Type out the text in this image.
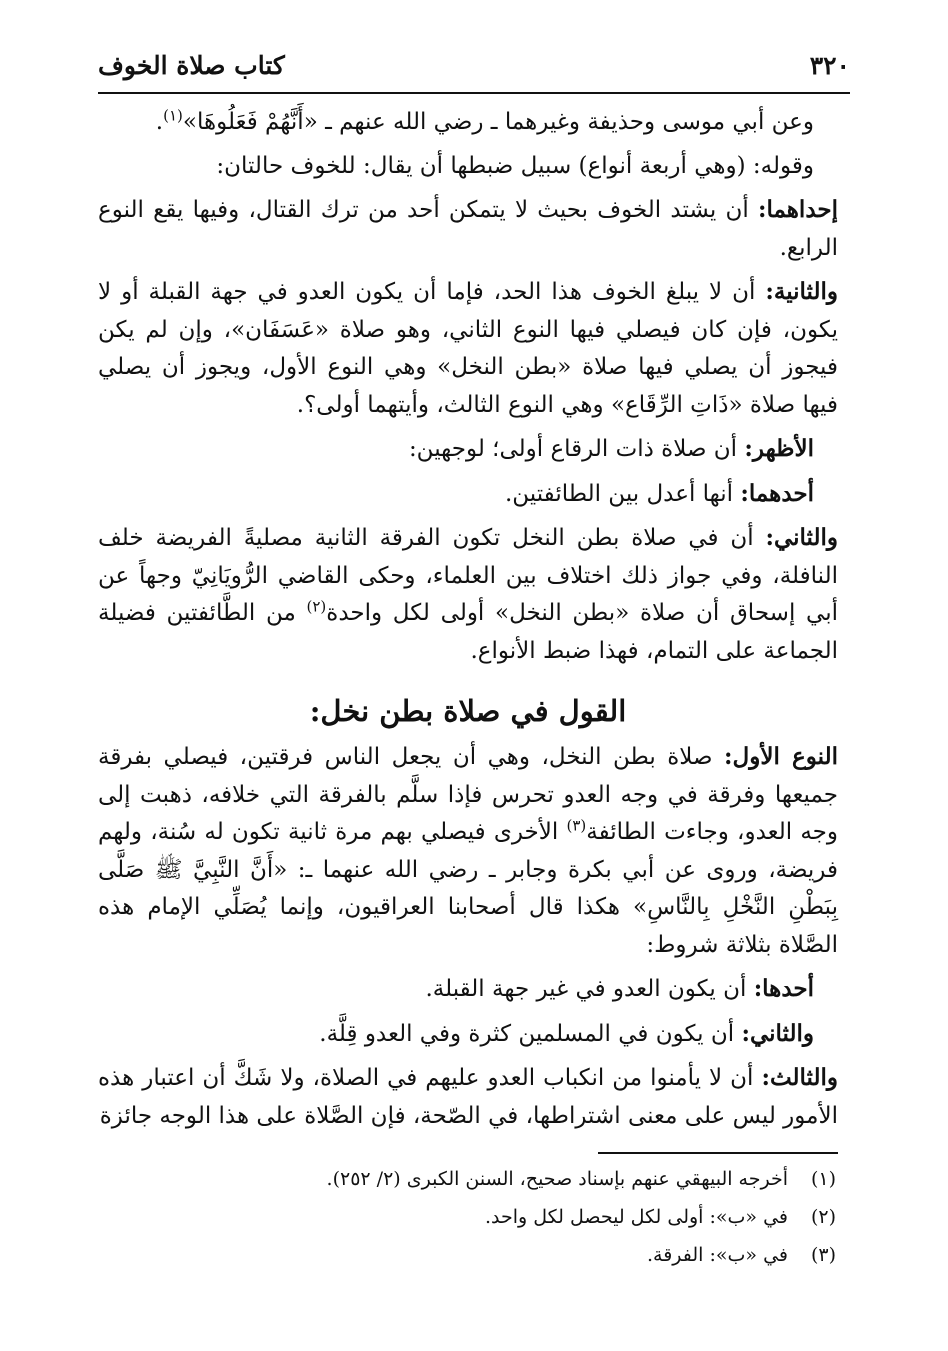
٣٢٠
كتاب صلاة الخوف

وعن أبي موسى وحذيفة وغيرهما ـ رضي الله عنهم ـ «أَنَّهُمْ فَعَلُوهَا»$^{(١)}$.

وقوله: (وهي أربعة أنواع) سبيل ضبطها أن يقال: للخوف حالتان:

إحداهما: أن يشتد الخوف بحيث لا يتمكن أحد من ترك القتال، وفيها يقع النوع الرابع.

والثانية: أن لا يبلغ الخوف هذا الحد، فإما أن يكون العدو في جهة القبلة أو لا يكون، فإن كان فيصلي فيها النوع الثاني، وهو صلاة «عَسَفَان»، وإن لم يكن فيجوز أن يصلي فيها صلاة «بطن النخل» وهي النوع الأول، ويجوز أن يصلي فيها صلاة «ذَاتِ الرِّقَاع» وهي النوع الثالث، وأيتهما أولى؟.

الأظهر: أن صلاة ذات الرقاع أولى؛ لوجهين:

أحدهما: أنها أعدل بين الطائفتين.

والثاني: أن في صلاة بطن النخل تكون الفرقة الثانية مصليةً الفريضة خلف النافلة، وفي جواز ذلك اختلاف بين العلماء، وحكى القاضي الرُّويَانِيّ وجهاً عن أبي إسحاق أن صلاة «بطن النخل» أولى لكل واحدة$^{(٢)}$ من الطَّائفتين فضيلة الجماعة على التمام، فهذا ضبط الأنواع.

القول في صلاة بطن نخل:

النوع الأول: صلاة بطن النخل، وهي أن يجعل الناس فرقتين، فيصلي بفرقة جميعها وفرقة في وجه العدو تحرس فإذا سلَّم بالفرقة التي خلافه، ذهبت إلى وجه العدو، وجاءت الطائفة$^{(٣)}$ الأخرى فيصلي بهم مرة ثانية تكون له سُنة، ولهم فريضة، وروى عن أبي بكرة وجابر ـ رضي الله عنهما ـ: «أَنَّ النَّبِيَّ ﷺ صَلَّى بِبَطْنِ النَّخْلِ بِالنَّاسِ» هكذا قال أصحابنا العراقيون، وإنما يُصَلِّي الإمام هذه الصَّلاة بثلاثة شروط:

أحدها: أن يكون العدو في غير جهة القبلة.

والثاني: أن يكون في المسلمين كثرة وفي العدو قِلَّة.

والثالث: أن لا يأمنوا من انكباب العدو عليهم في الصلاة، ولا شَكَّ أن اعتبار هذه الأمور ليس على معنى اشتراطها، في الصّحة، فإن الصَّلاة على هذا الوجه جائزة

(١)
أخرجه البيهقي عنهم بإسناد صحيح، السنن الكبرى (٢/ ٢٥٢).
(٢)
في «ب»: أولى لكل ليحصل لكل واحد.
(٣)
في «ب»: الفرقة.
